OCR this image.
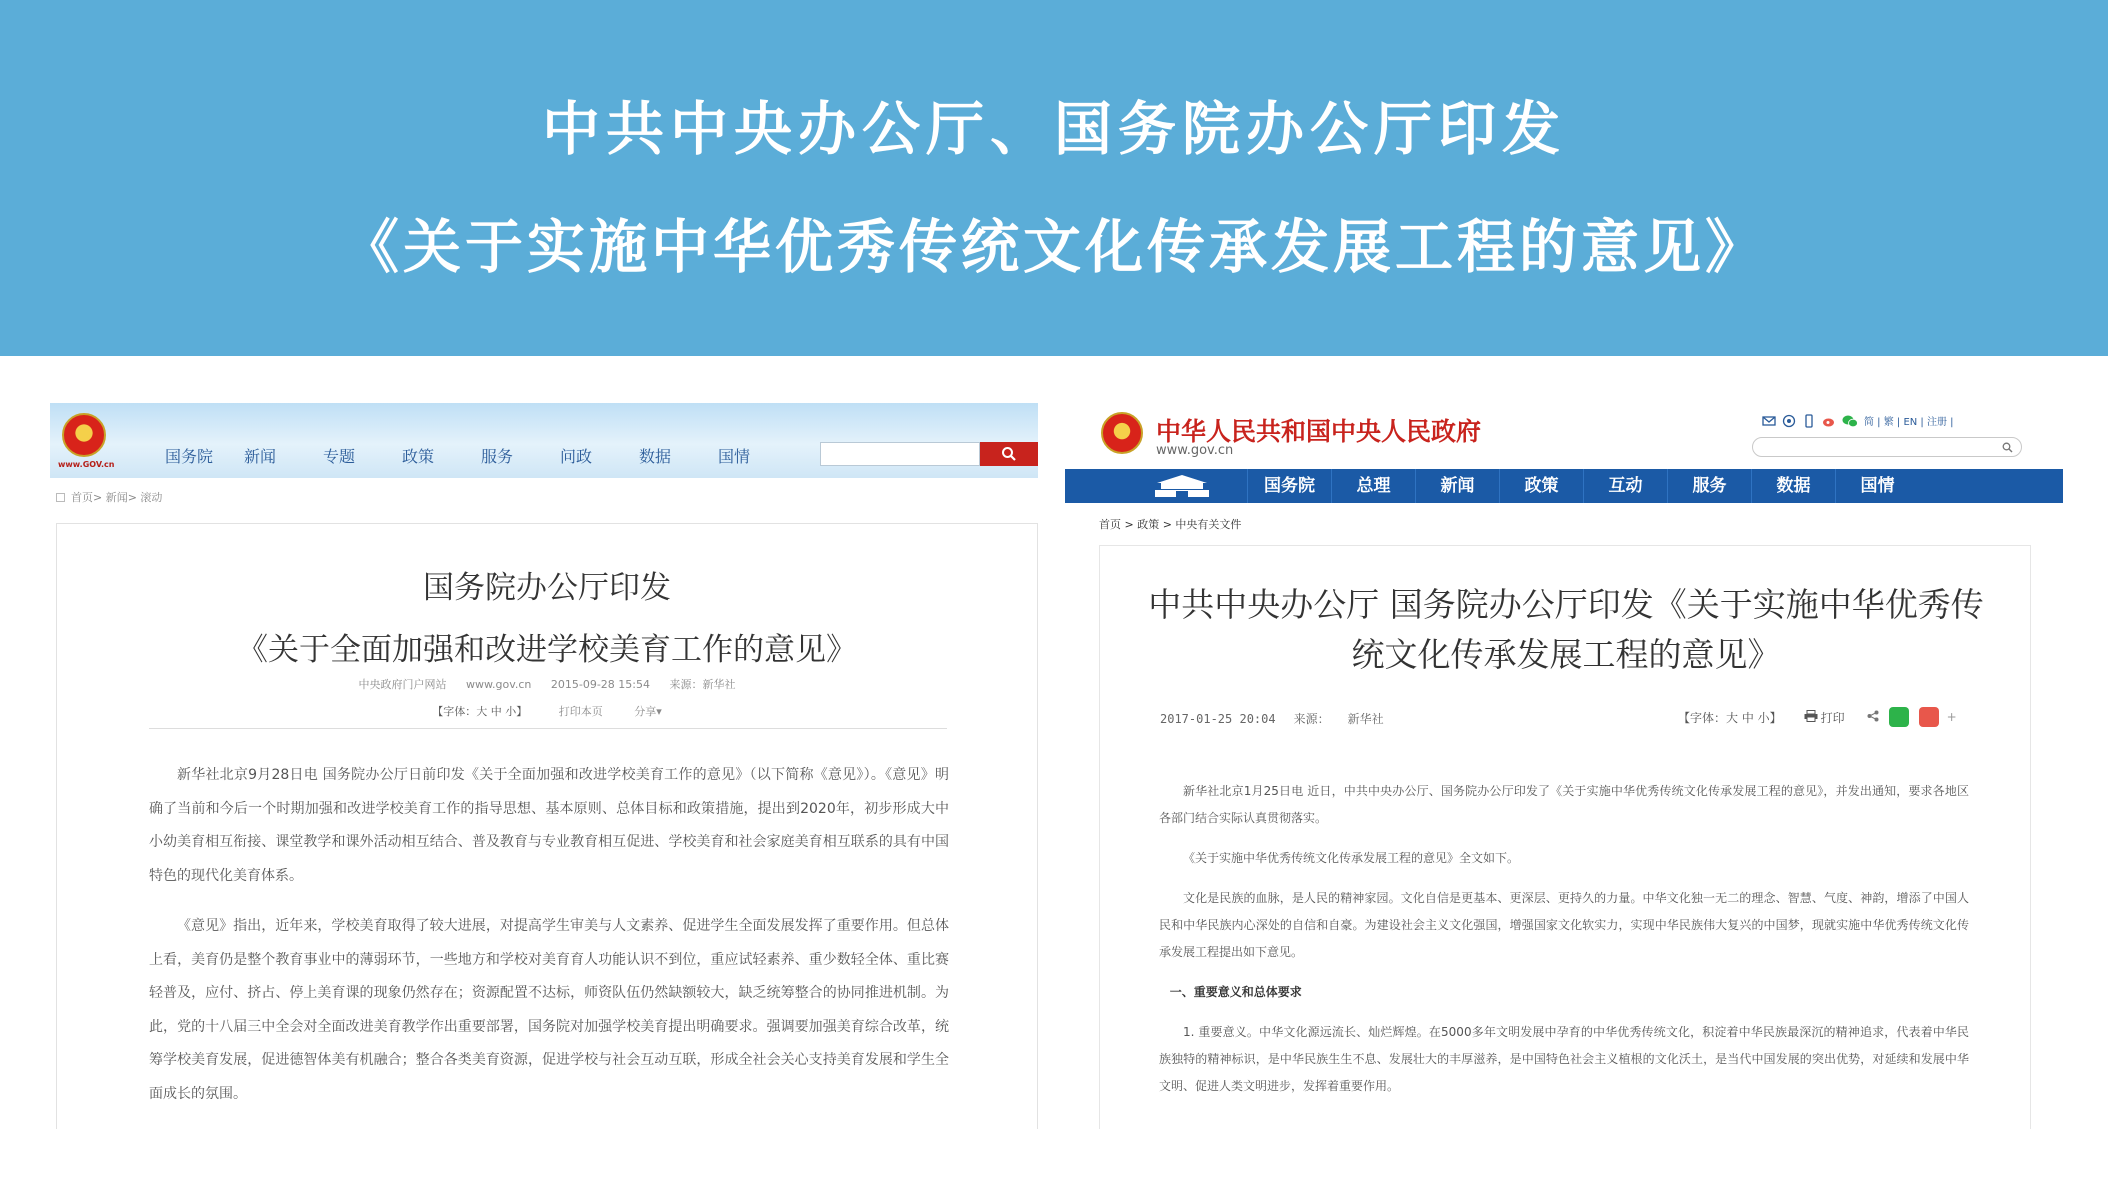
中共中央办公厅、国务院办公厅印发
《关于实施中华优秀传统文化传承发展工程的意见》
www.GOV.cn	国务院	新闻	专题	政策	服务	问政	数据	国情
首页> 新闻> 滚动
国务院办公厅印发
《关于全面加强和改进学校美育工作的意见》
中央政府门户网站 www.gov.cn 2015-09-28 15:54 来源：新华社
【字体：大 中 小】	打印本页	分享▾

新华社北京9月28日电 国务院办公厅日前印发《关于全面加强和改进学校美育工作的意见》（以下简称《意见》）。《意见》明确了当前和今后一个时期加强和改进学校美育工作的指导思想、基本原则、总体目标和政策措施，提出到2020年，初步形成大中小幼美育相互衔接、课堂教学和课外活动相互结合、普及教育与专业教育相互促进、学校美育和社会家庭美育相互联系的具有中国特色的现代化美育体系。

《意见》指出，近年来，学校美育取得了较大进展，对提高学生审美与人文素养、促进学生全面发展发挥了重要作用。但总体上看，美育仍是整个教育事业中的薄弱环节，一些地方和学校对美育育人功能认识不到位，重应试轻素养、重少数轻全体、重比赛轻普及，应付、挤占、停上美育课的现象仍然存在；资源配置不达标，师资队伍仍然缺额较大，缺乏统筹整合的协同推进机制。为此，党的十八届三中全会对全面改进美育教学作出重要部署，国务院对加强学校美育提出明确要求。强调要加强美育综合改革，统筹学校美育发展，促进德智体美有机融合；整合各类美育资源，促进学校与社会互动互联，形成全社会关心支持美育发展和学生全面成长的氛围。

中华人民共和国中央人民政府
www.gov.cn
简 | 繁 | EN | 注册 |
国务院	总理	新闻	政策	互动	服务	数据	国情
首页 > 政策 > 中央有关文件
中共中央办公厅 国务院办公厅印发《关于实施中华优秀传统文化传承发展工程的意见》
2017-01-25 20:04 来源： 新华社	【字体：大 中 小】	打印	+

新华社北京1月25日电 近日，中共中央办公厅、国务院办公厅印发了《关于实施中华优秀传统文化传承发展工程的意见》，并发出通知，要求各地区各部门结合实际认真贯彻落实。

《关于实施中华优秀传统文化传承发展工程的意见》全文如下。

文化是民族的血脉，是人民的精神家园。文化自信是更基本、更深层、更持久的力量。中华文化独一无二的理念、智慧、气度、神韵，增添了中国人民和中华民族内心深处的自信和自豪。为建设社会主义文化强国，增强国家文化软实力，实现中华民族伟大复兴的中国梦，现就实施中华优秀传统文化传承发展工程提出如下意见。

一、重要意义和总体要求

1. 重要意义。中华文化源远流长、灿烂辉煌。在5000多年文明发展中孕育的中华优秀传统文化，积淀着中华民族最深沉的精神追求，代表着中华民族独特的精神标识，是中华民族生生不息、发展壮大的丰厚滋养，是中国特色社会主义植根的文化沃土，是当代中国发展的突出优势，对延续和发展中华文明、促进人类文明进步，发挥着重要作用。
